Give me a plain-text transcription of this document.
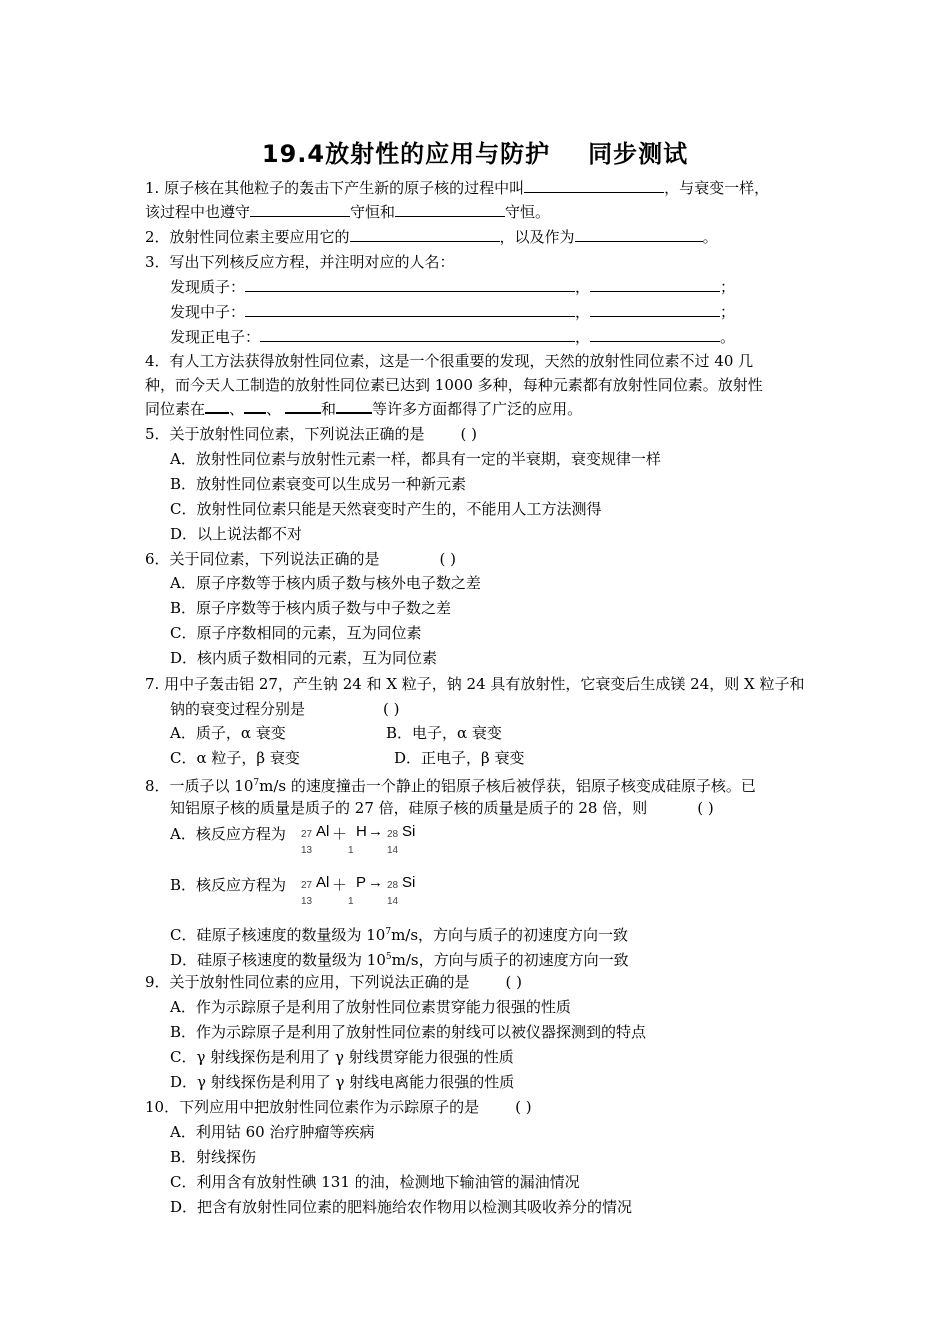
19.4放射性的应用与防护 同步测试
1. 原子核在其他粒子的轰击下产生新的原子核的过程中叫	，与衰变一样，
该过程中也遵守	守恒和	守恒。
2．放射性同位素主要应用它的	，以及作为	。
3．写出下列核反应方程，并注明对应的人名：
发现质子：	，	；
发现中子：	，	；
发现正电子：	，	。
4．有人工方法获得放射性同位素，这是一个很重要的发现，天然的放射性同位素不过 40 几
种，而今天人工制造的放射性同位素已达到 1000 多种，每种元素都有放射性同位素。放射性
同位素在 、 、	和 等许多方面都得了广泛的应用。
5．关于放射性同位素，下列说法正确的是 ( )
A．放射性同位素与放射性元素一样，都具有一定的半衰期，衰变规律一样
B．放射性同位素衰变可以生成另一种新元素
C．放射性同位素只能是天然衰变时产生的，不能用人工方法测得
D．以上说法都不对
6．关于同位素，下列说法正确的是	( )
A．原子序数等于核内质子数与核外电子数之差
B．原子序数等于核内质子数与中子数之差
C．原子序数相同的元素，互为同位素
D．核内质子数相同的元素，互为同位素
7. 用中子轰击铝 27，产生钠 24 和 X 粒子，钠 24 具有放射性，它衰变后生成镁 24，则 X 粒子和
钠的衰变过程分别是	( )
A．质子，α 衰变	B．电子，α 衰变
C．α 粒子，β 衰变	D．正电子，β 衰变
8．一质子以 $10^7m/s$ 的速度撞击一个静止的铝原子核后被俘获，铝原子核变成硅原子核。已
知铝原子核的质量是质子的 27 倍，硅原子核的质量是质子的 28 倍，则	( )
A．核反应方程为 27
13
Al ＋
1
H → 28
14
Si
B．核反应方程为 27
13
Al ＋
1
P → 28
14
Si
C．硅原子核速度的数量级为 $10^7m/s$，方向与质子的初速度方向一致
D．硅原子核速度的数量级为 $10^5m/s$，方向与质子的初速度方向一致
9．关于放射性同位素的应用，下列说法正确的是 ( )
A．作为示踪原子是利用了放射性同位素贯穿能力很强的性质
B．作为示踪原子是利用了放射性同位素的射线可以被仪器探测到的特点
C．γ 射线探伤是利用了 γ 射线贯穿能力很强的性质
D．γ 射线探伤是利用了 γ 射线电离能力很强的性质
10．下列应用中把放射性同位素作为示踪原子的是 ( )
A．利用钴 60 治疗肿瘤等疾病
B．射线探伤
C．利用含有放射性碘 131 的油，检测地下输油管的漏油情况
D．把含有放射性同位素的肥料施给农作物用以检测其吸收养分的情况
